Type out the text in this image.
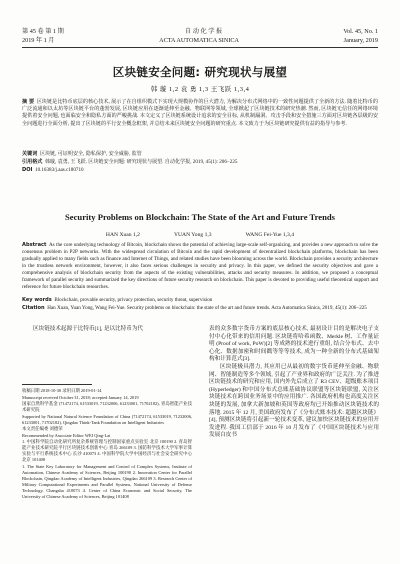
第 45 卷 第 1 期	自 动 化 学 报	Vol. 45, No. 1
2019 年 1 月	ACTA AUTOMATICA SINICA	January, 2019
区块链安全问题: 研究现状与展望
韩 璇 1,2 袁 勇 1,3 王飞跃 1,3,4
摘 要 区块链是比特币底层的核心技术, 展示了在自组织模式下实现大规模协作的巨大潜力, 为解决分布式网络中的一致性问题提供了全新的方法. 随着比特币的广泛流通和以太坊等区块链平台的蓬勃发展, 区块链应用在逐渐延伸至金融、物联网等领域, 全球掀起了区块链技术的研究热潮. 然而, 区块链无信任的网络环境提供着安全问题, 也面临安全和隐私方面的严峻挑战. 本文定义了区块链系统设计追求的安全目标, 从机制漏洞、攻击手段和安全措施三方面对区块链各层级的安全问题进行全面分析, 提出了区块链的平行安全概念框架, 并总结未来区块链安全问题的研究重点. 本文致力于为区块链研究提供有益的指导与参考.
关键词 区块链, 可证明安全, 隐私保护, 安全威胁, 监管
引用格式 韩璇, 袁勇, 王飞跃. 区块链安全问题: 研究现状与展望. 自动化学报, 2019, 45(1): 206−225
DOI 10.16383/j.aas.c180710
Security Problems on Blockchain: The State of the Art and Future Trends
HAN Xuan 1,2	YUAN Yong 1,3	WANG Fei-Yue 1,3,4
Abstract As the core underlying technology of Bitcoin, blockchain shows the potential of achieving large-scale self-organizing, and provides a new approach to solve the consensus problem in P2P networks. With the widespread circulation of Bitcoin and the rapid development of decentralized blockchain platforms, blockchain has been gradually applied to many fields such as finance and Internet of Things, and related studies have been blooming across the world. Blockchain provides a security architecture in the trustless network environment, however, it also faces serious challenges in security and privacy. In this paper, we defined the security objectives and gave a comprehensive analysis of blockchain security from the aspects of the existing vulnerabilities, attacks and security measures. In addition, we proposed a conceptual framework of parallel security and summarized the key directions of future security research on blockchain. This paper is devoted to providing useful theoretical support and reference for future blockchain researches.
Key words Blockchain, provable security, privacy protection, security threat, supervision
Citation Han Xuan, Yuan Yong, Wang Fei-Yue. Security problems on blockchain: the state of the art and future trends. Acta Automatica Sinica, 2019, 45(1): 206−225

区块链技术起源于比特币[1], 是以比特币为代

收稿日期 2018-10-30 录用日期 2019-01-14

Manuscript received October 31, 2018; accepted January 14, 2019

国家自然科学基金 (71472174, 61533019, 71232006, 61233001, 71702182), 青岛智能产业技术研究院

Supported by National Natural Science Foundation of China (71472174, 61533019, 71232006, 61233001, 71702182), Qingdao Think-Tank Foundation on Intelligent Industries

本文责任编委 刘德荣

Recommended by Associate Editor WEI Qing-Lai

1. 中国科学院自动化研究所复杂系统管理与控制国家重点实验室 北京 100190 2. 青岛智能产业技术研究院平行区块链技术创新中心 青岛 266109 3. 国防科学技术大学军事计算实验与平行系统技术中心 长沙 410073 4. 中国科学院大学中国经济与社会安全研究中心 北京 101408

1. The State Key Laboratory for Management and Control of Complex Systems, Institute of Automation, Chinese Academy of Sciences, Beijing 100190 2. Innovation Center for Parallel Blockchain, Qingdao Academy of Intelligent Industries, Qingdao 266109 3. Research Center of Military Computational Experiments and Parallel Systems, National University of Defense Technology, Changsha 410073 4. Center of China Economic and Social Security, The University of Chinese Academy of Sciences, Beijing 101408

表的众多数字货币方案的底层核心技术, 最初设计目的是解决电子支付中心化带来的信用问题. 区块链将哈希函数、Merkle 树、工作量证明 (Proof of work, PoW)[2] 等成熟的技术进行重组, 结合分布式、去中心化、数据加密和时间戳等等等技术, 成为一种全新的分布式基础架构和计算范式[3].

区块链极具潜力, 其应用已从最初的数字货币延伸至金融、物联网、智能制造等多个领域, 引起了产业界和政府的广泛关注. 为了推进区块链技术的研究和应用, 国内外先后成立了 R3 CEV、超级账本项目 (Hyperledger) 和中国分布式总账基础协议联盟等区块链联盟, 关注区块链技术在跨国业务场景中的应用推广. 各国政府机构也高度关注区块链的发展, 加拿大新加坡和英国等政府均已开始推动区块链技术的落地. 2015 年 12 月, 美国政府发布了《分布式账本技术: 超越区块链》[4], 预测区块链将引起新一轮技术变革, 建议加快区块链技术的应用开发进程. 我国工信部于 2016 年 10 月发布了《中国区块链技术与应用发展白皮书
